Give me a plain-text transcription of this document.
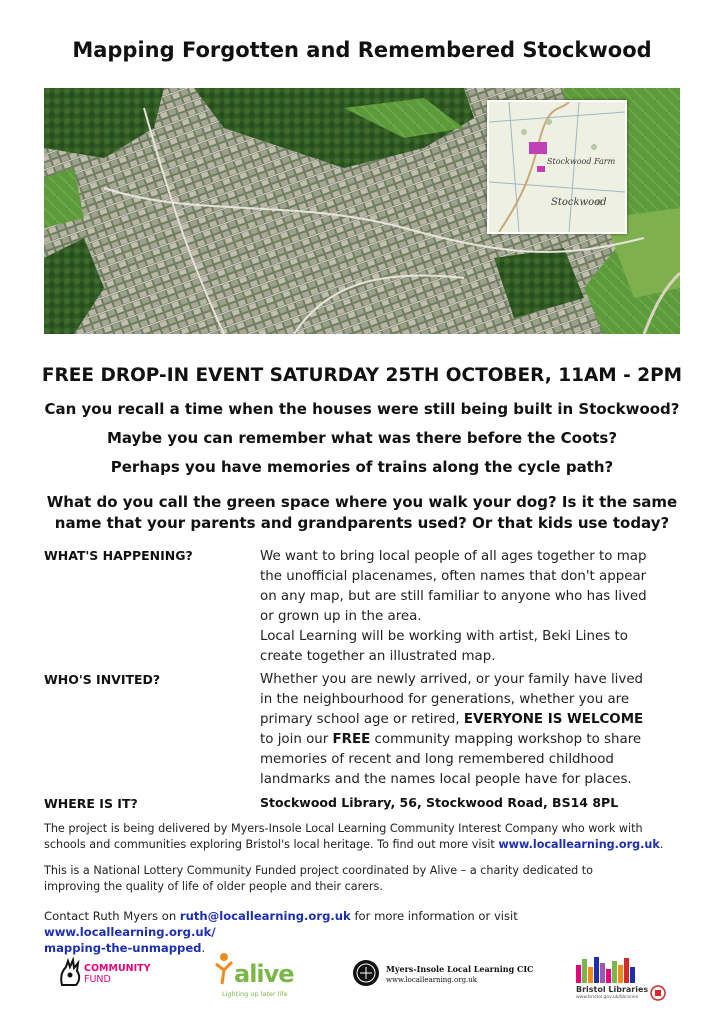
Mapping Forgotten and Remembered Stockwood
Stockwood Farm
Stockwood
FREE DROP-IN EVENT SATURDAY 25TH OCTOBER, 11AM - 2PM
Can you recall a time when the houses were still being built in Stockwood?
Maybe you can remember what was there before the Coots?
Perhaps you have memories of trains along the cycle path?
What do you call the green space where you walk your dog? Is it the same
name that your parents and grandparents used? Or that kids use today?
WHAT'S HAPPENING?	We want to bring local people of all ages together to map
the unofficial placenames, often names that don't appear
on any map, but are still familiar to anyone who has lived
or grown up in the area.
Local Learning will be working with artist, Beki Lines to
create together an illustrated map.
WHO'S INVITED?	Whether you are newly arrived, or your family have lived
in the neighbourhood for generations, whether you are
primary school age or retired, EVERYONE IS WELCOME
to join our FREE community mapping workshop to share
memories of recent and long remembered childhood
landmarks and the names local people have for places.
WHERE IS IT?	Stockwood Library, 56, Stockwood Road, BS14 8PL
The project is being delivered by Myers-Insole Local Learning Community Interest Company who work with
schools and communities exploring Bristol's local heritage. To find out more visit www.locallearning.org.uk.
This is a National Lottery Community Funded project coordinated by Alive – a charity dedicated to
improving the quality of life of older people and their carers.
Contact Ruth Myers on ruth@locallearning.org.uk for more information or visit www.locallearning.org.uk/
mapping-the-unmapped.
COMMUNITY
FUND	alive
Lighting up later life
Myers-Insole Local Learning CIC
www.locallearning.org.uk
Bristol Libraries
www.bristol.gov.uk/libraries
